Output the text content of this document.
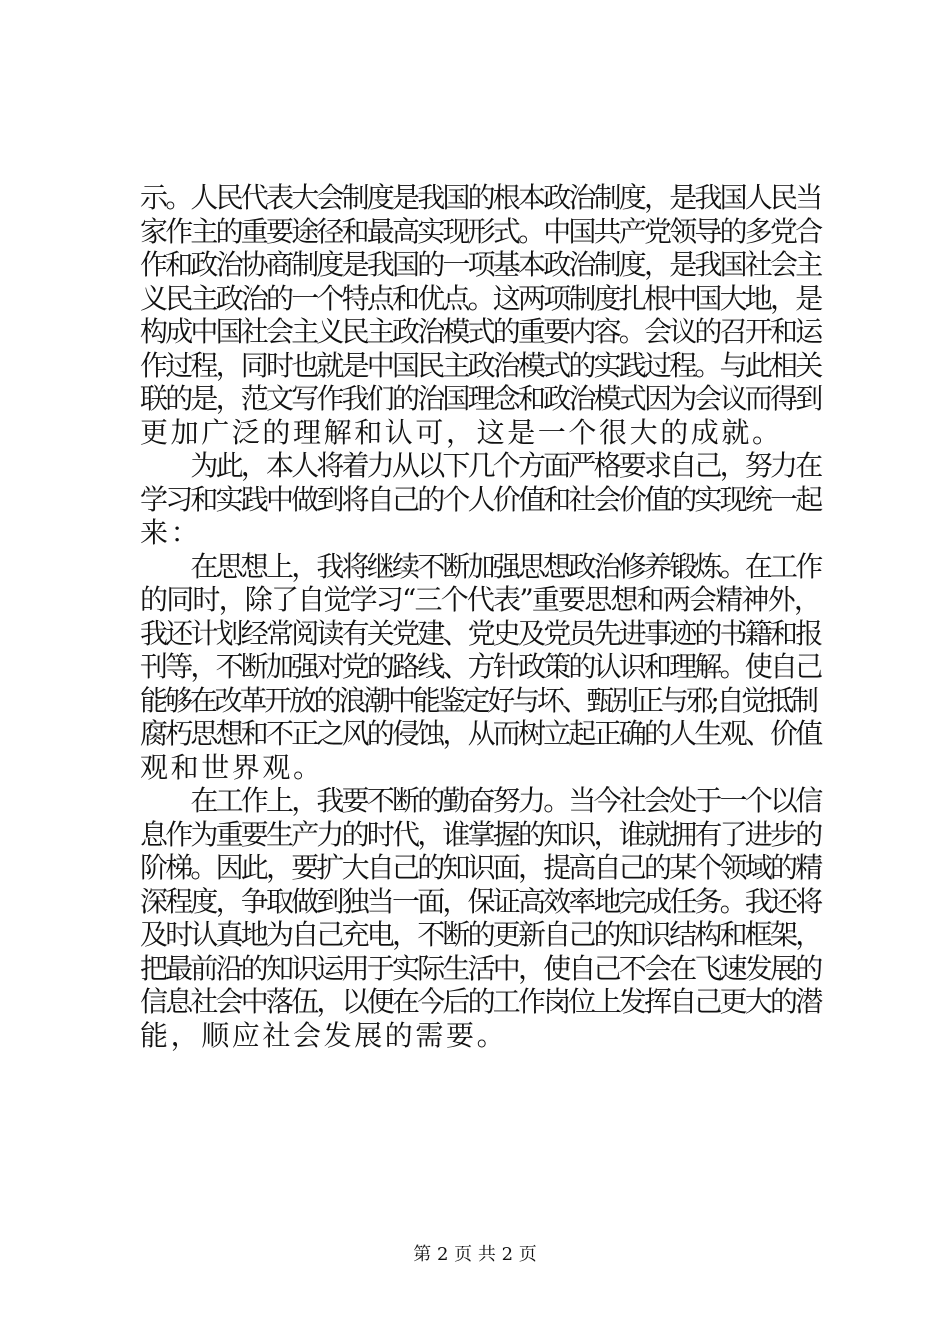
示。人民代表大会制度是我国的根本政治制度，是我国人民当
家作主的重要途径和最高实现形式。中国共产党领导的多党合
作和政治协商制度是我国的一项基本政治制度，是我国社会主
义民主政治的一个特点和优点。这两项制度扎根中国大地，是
构成中国社会主义民主政治模式的重要内容。会议的召开和运
作过程，同时也就是中国民主政治模式的实践过程。与此相关
联的是，范文写作我们的治国理念和政治模式因为会议而得到
更加广泛的理解和认可，这是一个很大的成就。
　　为此，本人将着力从以下几个方面严格要求自己，努力在
学习和实践中做到将自己的个人价值和社会价值的实现统一起
来：
　　在思想上，我将继续不断加强思想政治修养锻炼。在工作
的同时，除了自觉学习“三个代表”重要思想和两会精神外，
我还计划经常阅读有关党建、党史及党员先进事迹的书籍和报
刊等，不断加强对党的路线、方针政策的认识和理解。使自己
能够在改革开放的浪潮中能鉴定好与坏、甄别正与邪;自觉抵制
腐朽思想和不正之风的侵蚀，从而树立起正确的人生观、价值
观和世界观。
　　在工作上，我要不断的勤奋努力。当今社会处于一个以信
息作为重要生产力的时代，谁掌握的知识，谁就拥有了进步的
阶梯。因此，要扩大自己的知识面，提高自己的某个领域的精
深程度，争取做到独当一面，保证高效率地完成任务。我还将
及时认真地为自己充电，不断的更新自己的知识结构和框架，
把最前沿的知识运用于实际生活中，使自己不会在飞速发展的
信息社会中落伍，以便在今后的工作岗位上发挥自己更大的潜
能，顺应社会发展的需要。
第 2 页 共 2 页
